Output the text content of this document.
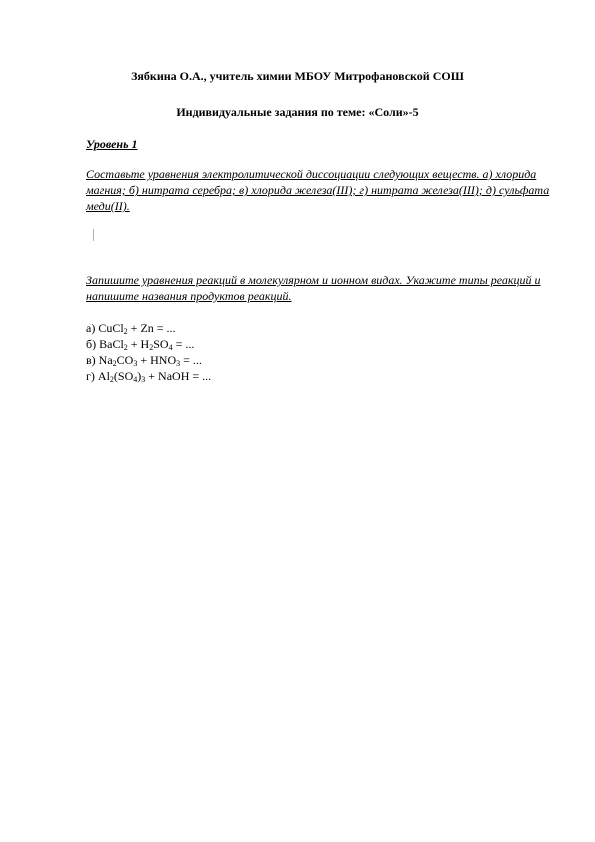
Зябкина О.А., учитель химии МБОУ Митрофановской СОШ
Индивидуальные задания по теме: «Соли»-5
Уровень 1
Составьте уравнения электролитической диссоциации следующих веществ. а) хлорида магния; б) нитрата серебра; в) хлорида железа(III); г) нитрата железа(III); д) сульфата меди(II).
Запишите уравнения реакций в молекулярном и ионном видах. Укажите типы реакций и напишите названия продуктов реакций.
а) CuCl$_2$ + Zn = ...
б) BaCl$_2$ + $H_2SO_4$ = ...
в) $Na_2CO_3 + HNO_3$ = ...
г) $Al_2(SO_4)_3$ + NaOH = ...
